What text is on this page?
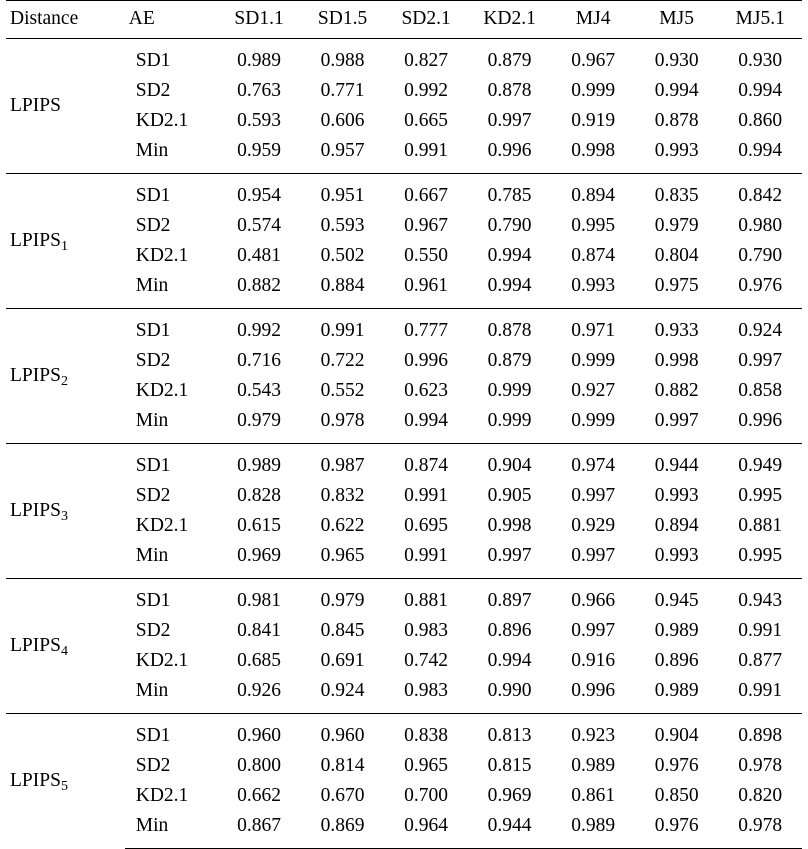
Distance	AE	SD1.1	SD1.5	SD2.1	KD2.1	MJ4	MJ5	MJ5.1
LPIPS	SD1	0.989	0.988	0.827	0.879	0.967	0.930	0.930
	SD2	0.763	0.771	0.992	0.878	0.999	0.994	0.994
	KD2.1	0.593	0.606	0.665	0.997	0.919	0.878	0.860
	Min	0.959	0.957	0.991	0.996	0.998	0.993	0.994
$LPIPS_1$	SD1	0.954	0.951	0.667	0.785	0.894	0.835	0.842
	SD2	0.574	0.593	0.967	0.790	0.995	0.979	0.980
	KD2.1	0.481	0.502	0.550	0.994	0.874	0.804	0.790
	Min	0.882	0.884	0.961	0.994	0.993	0.975	0.976
$LPIPS_2$	SD1	0.992	0.991	0.777	0.878	0.971	0.933	0.924
	SD2	0.716	0.722	0.996	0.879	0.999	0.998	0.997
	KD2.1	0.543	0.552	0.623	0.999	0.927	0.882	0.858
	Min	0.979	0.978	0.994	0.999	0.999	0.997	0.996
$LPIPS_3$	SD1	0.989	0.987	0.874	0.904	0.974	0.944	0.949
	SD2	0.828	0.832	0.991	0.905	0.997	0.993	0.995
	KD2.1	0.615	0.622	0.695	0.998	0.929	0.894	0.881
	Min	0.969	0.965	0.991	0.997	0.997	0.993	0.995
$LPIPS_4$	SD1	0.981	0.979	0.881	0.897	0.966	0.945	0.943
	SD2	0.841	0.845	0.983	0.896	0.997	0.989	0.991
	KD2.1	0.685	0.691	0.742	0.994	0.916	0.896	0.877
	Min	0.926	0.924	0.983	0.990	0.996	0.989	0.991
$LPIPS_5$	SD1	0.960	0.960	0.838	0.813	0.923	0.904	0.898
	SD2	0.800	0.814	0.965	0.815	0.989	0.976	0.978
	KD2.1	0.662	0.670	0.700	0.969	0.861	0.850	0.820
	Min	0.867	0.869	0.964	0.944	0.989	0.976	0.978
